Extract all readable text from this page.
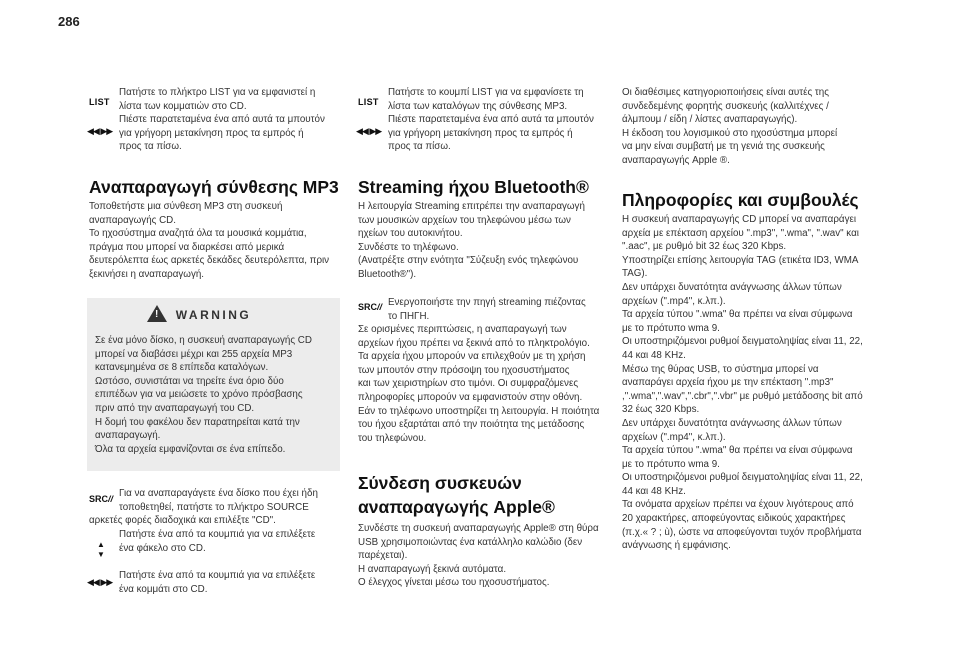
286
LIST
◀◀ ▶▶

Πατήστε το πλήκτρο LIST για να εμφανιστεί η
λίστα των κομματιών στο CD.
Πιέστε παρατεταμένα ένα από αυτά τα μπουτόν
για γρήγορη μετακίνηση προς τα εμπρός ή
προς τα πίσω.

Αναπαραγωγή σύνθεσης MP3

Τοποθετήστε μια σύνθεση MP3 στη συσκευή
αναπαραγωγής CD.
Το ηχοσύστημα αναζητά όλα τα μουσικά κομμάτια,
πράγμα που μπορεί να διαρκέσει από μερικά
δευτερόλεπτα έως αρκετές δεκάδες δευτερόλεπτα, πριν
ξεκινήσει η αναπαραγωγή.

!	WARNING

Σε ένα μόνο δίσκο, η συσκευή αναπαραγωγής CD
μπορεί να διαβάσει μέχρι και 255 αρχεία MP3
κατανεμημένα σε 8 επίπεδα καταλόγων.
Ωστόσο, συνιστάται να τηρείτε ένα όριο δύο
επιπέδων για να μειώσετε το χρόνο πρόσβασης
πριν από την αναπαραγωγή του CD.
Η δομή του φακέλου δεν παρατηρείται κατά την
αναπαραγωγή.
Όλα τα αρχεία εμφανίζονται σε ένα επίπεδο.

SRC// Για να αναπαραγάγετε ένα δίσκο που έχει ήδη
τοποθετηθεί, πατήστε το πλήκτρο SOURCE

αρκετές φορές διαδοχικά και επιλέξτε "CD".

▲
▼

Πατήστε ένα από τα κουμπιά για να επιλέξετε
ένα φάκελο στο CD.

◀◀ ▶▶

Πατήστε ένα από τα κουμπιά για να επιλέξετε
ένα κομμάτι στο CD.

LIST
◀◀ ▶▶

Πατήστε το κουμπί LIST για να εμφανίσετε τη
λίστα των καταλόγων της σύνθεσης MP3.
Πιέστε παρατεταμένα ένα από αυτά τα μπουτόν
για γρήγορη μετακίνηση προς τα εμπρός ή
προς τα πίσω.

Streaming ήχου Bluetooth®

Η λειτουργία Streaming επιτρέπει την αναπαραγωγή
των μουσικών αρχείων του τηλεφώνου μέσω των
ηχείων του αυτοκινήτου.
Συνδέστε το τηλέφωνο.
(Ανατρέξτε στην ενότητα "Σύζευξη ενός τηλεφώνου
Bluetooth®").

SRC// Ενεργοποιήστε την πηγή streaming πιέζοντας
το ΠΗΓΗ.

Σε ορισμένες περιπτώσεις, η αναπαραγωγή των
αρχείων ήχου πρέπει να ξεκινά από το πληκτρολόγιο.
Τα αρχεία ήχου μπορούν να επιλεχθούν με τη χρήση
των μπουτόν στην πρόσοψη του ηχοσυστήματος
και των χειριστηρίων στο τιμόνι. Οι συμφραζόμενες
πληροφορίες μπορούν να εμφανιστούν στην οθόνη.
Εάν το τηλέφωνο υποστηρίζει τη λειτουργία. Η ποιότητα
του ήχου εξαρτάται από την ποιότητα της μετάδοσης
του τηλεφώνου.

Σύνδεση συσκευών
αναπαραγωγής Apple®

Συνδέστε τη συσκευή αναπαραγωγής Apple® στη θύρα
USB χρησιμοποιώντας ένα κατάλληλο καλώδιο (δεν
παρέχεται).
Η αναπαραγωγή ξεκινά αυτόματα.
Ο έλεγχος γίνεται μέσω του ηχοσυστήματος.

Οι διαθέσιμες κατηγοριοποιήσεις είναι αυτές της
συνδεδεμένης φορητής συσκευής (καλλιτέχνες /
άλμπουμ / είδη / λίστες αναπαραγωγής).
Η έκδοση του λογισμικού στο ηχοσύστημα μπορεί
να μην είναι συμβατή με τη γενιά της συσκευής
αναπαραγωγής Apple ®.

Πληροφορίες και συμβουλές

Η συσκευή αναπαραγωγής CD μπορεί να αναπαράγει
αρχεία με επέκταση αρχείου ".mp3", ".wma", ".wav" και
".aac", με ρυθμό bit 32 έως 320 Kbps.
Υποστηρίζει επίσης λειτουργία TAG (ετικέτα ID3, WMA
TAG).
Δεν υπάρχει δυνατότητα ανάγνωσης άλλων τύπων
αρχείων (".mp4", κ.λπ.).
Τα αρχεία τύπου ".wma" θα πρέπει να είναι σύμφωνα
με το πρότυπο wma 9.
Οι υποστηριζόμενοι ρυθμοί δειγματοληψίας είναι 11, 22,
44 και 48 KHz.
Μέσω της θύρας USB, το σύστημα μπορεί να
αναπαράγει αρχεία ήχου με την επέκταση ".mp3"
,".wma",".wav",".cbr",".vbr" με ρυθμό μετάδοσης bit από
32 έως 320 Kbps.
Δεν υπάρχει δυνατότητα ανάγνωσης άλλων τύπων
αρχείων (".mp4", κ.λπ.).
Τα αρχεία τύπου ".wma" θα πρέπει να είναι σύμφωνα
με το πρότυπο wma 9.
Οι υποστηριζόμενοι ρυθμοί δειγματοληψίας είναι 11, 22,
44 και 48 KHz.
Τα ονόματα αρχείων πρέπει να έχουν λιγότερους από
20 χαρακτήρες, αποφεύγοντας ειδικούς χαρακτήρες
(π.χ.« ? ; ù), ώστε να αποφεύγονται τυχόν προβλήματα
ανάγνωσης ή εμφάνισης.
